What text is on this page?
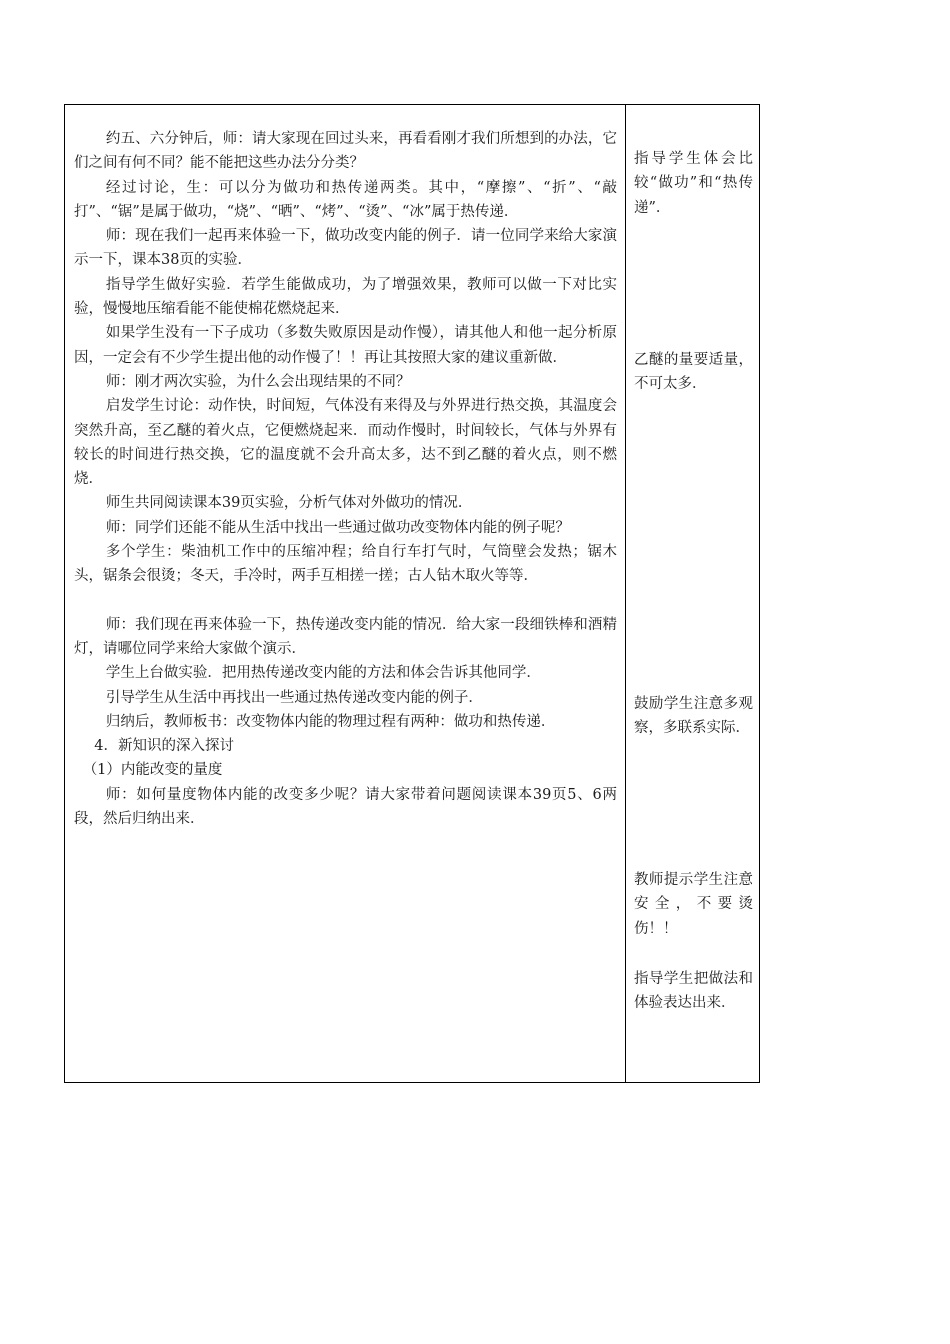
约五、六分钟后，师：请大家现在回过头来，再看看刚才我们所想到的办法，它们之间有何不同？能不能把这些办法分分类？

经过讨论，生：可以分为做功和热传递两类。其中，“摩擦”、“折”、“敲打”、“锯”是属于做功，“烧”、“晒”、“烤”、“烫”、“冰”属于热传递．

师：现在我们一起再来体验一下，做功改变内能的例子．请一位同学来给大家演示一下，课本38页的实验．

指导学生做好实验．若学生能做成功，为了增强效果，教师可以做一下对比实验，慢慢地压缩看能不能使棉花燃烧起来．

如果学生没有一下子成功（多数失败原因是动作慢），请其他人和他一起分析原因，一定会有不少学生提出他的动作慢了！！再让其按照大家的建议重新做．

师：刚才两次实验，为什么会出现结果的不同？

启发学生讨论：动作快，时间短，气体没有来得及与外界进行热交换，其温度会突然升高，至乙醚的着火点，它便燃烧起来．而动作慢时，时间较长，气体与外界有较长的时间进行热交换，它的温度就不会升高太多，达不到乙醚的着火点，则不燃烧．

师生共同阅读课本39页实验，分析气体对外做功的情况．

师：同学们还能不能从生活中找出一些通过做功改变物体内能的例子呢？

多个学生：柴油机工作中的压缩冲程；给自行车打气时，气筒壁会发热；锯木头，锯条会很烫；冬天，手冷时，两手互相搓一搓；古人钻木取火等等．

师：我们现在再来体验一下，热传递改变内能的情况．给大家一段细铁棒和酒精灯，请哪位同学来给大家做个演示．

学生上台做实验．把用热传递改变内能的方法和体会告诉其他同学．

引导学生从生活中再找出一些通过热传递改变内能的例子．

归纳后，教师板书：改变物体内能的物理过程有两种：做功和热传递．

4．新知识的深入探讨

（1）内能改变的量度

师：如何量度物体内能的改变多少呢？请大家带着问题阅读课本39页5、6两段，然后归纳出来．

指导学生体会比较“做功”和“热传递”．

乙醚的量要适量，不可太多．

鼓励学生注意多观察，多联系实际．

教师提示学生注意安全，不要烫伤！！

指导学生把做法和体验表达出来．
